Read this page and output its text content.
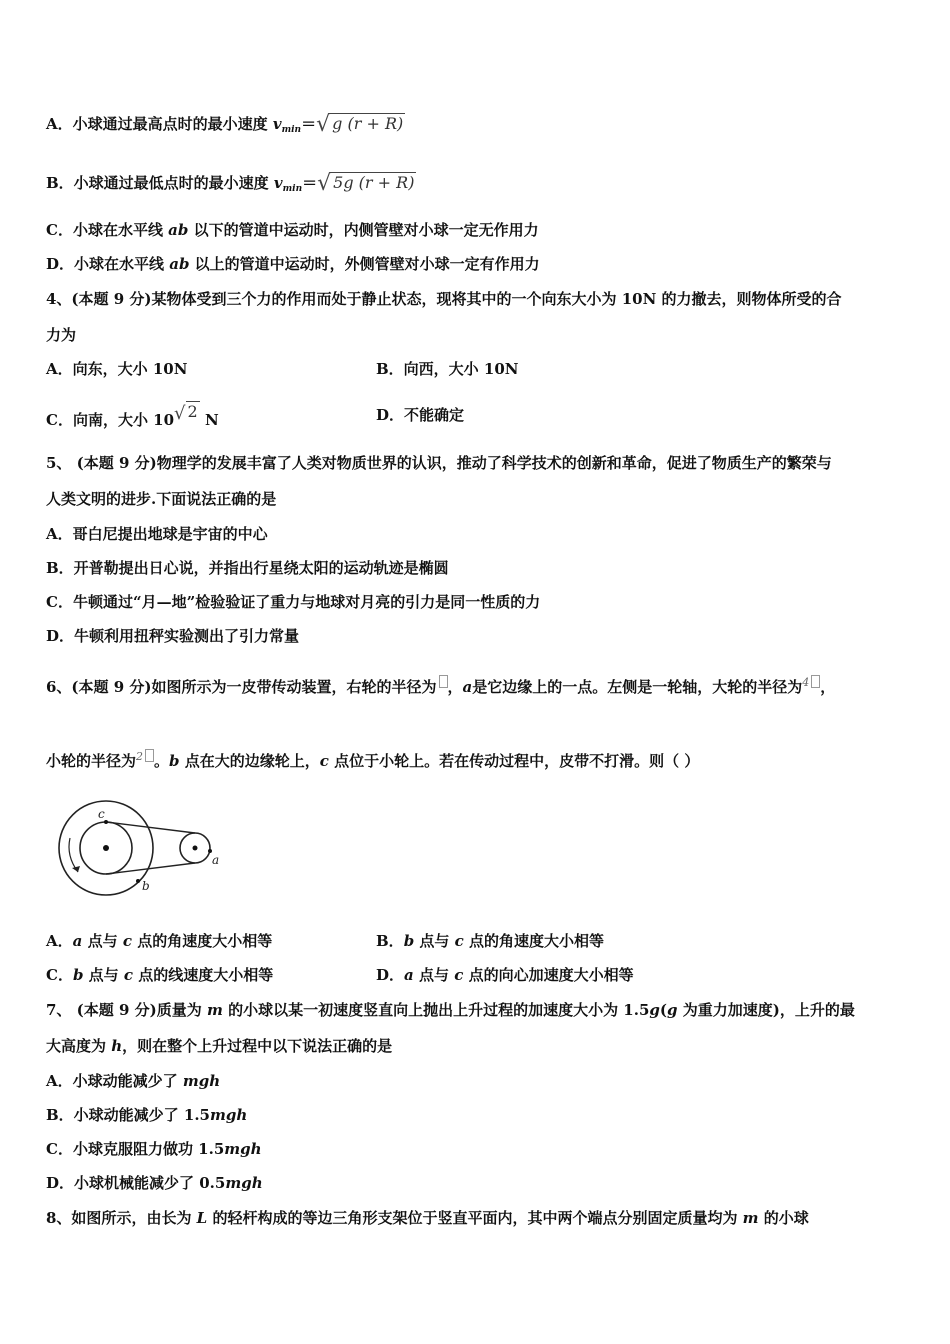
A．小球通过最高点时的最小速度 $v_{min}=√$ g (r + R)
B．小球通过最低点时的最小速度 $v_{min}=√$ 5g (r + R)
C．小球在水平线 ab 以下的管道中运动时，内侧管壁对小球一定无作用力
D．小球在水平线 ab 以上的管道中运动时，外侧管壁对小球一定有作用力
4、(本题 9 分)某物体受到三个力的作用而处于静止状态，现将其中的一个向东大小为 10N 的力撤去，则物体所受的合
力为
A．向东，大小 10N	B．向西，大小 10N
C．向南，大小 10√ 2 N	D．不能确定
5、 (本题 9 分)物理学的发展丰富了人类对物质世界的认识，推动了科学技术的创新和革命，促进了物质生产的繁荣与
人类文明的进步.下面说法正确的是
A．哥白尼提出地球是宇宙的中心
B．开普勒提出日心说，并指出行星绕太阳的运动轨迹是椭圆
C．牛顿通过“月—地”检验验证了重力与地球对月亮的引力是同一性质的力
D．牛顿利用扭秤实验测出了引力常量
6、(本题 9 分)如图所示为一皮带传动装置，右轮的半径为 ，a是它边缘上的一点。左侧是一轮轴，大轮的半径为$^4$ ，
小轮的半径为$^2$ 。b 点在大的边缘轮上，c 点位于小轮上。若在传动过程中，皮带不打滑。则（ ）
c
b
a
A．a 点与 c 点的角速度大小相等	B．b 点与 c 点的角速度大小相等
C．b 点与 c 点的线速度大小相等	D．a 点与 c 点的向心加速度大小相等
7、 (本题 9 分)质量为 m 的小球以某一初速度竖直向上抛出上升过程的加速度大小为 1.5g(g 为重力加速度)，上升的最
大高度为 h，则在整个上升过程中以下说法正确的是
A．小球动能减少了 mgh
B．小球动能减少了 1.5mgh
C．小球克服阻力做功 1.5mgh
D．小球机械能减少了 0.5mgh
8、如图所示，由长为 L 的轻杆构成的等边三角形支架位于竖直平面内，其中两个端点分别固定质量均为 m 的小球
